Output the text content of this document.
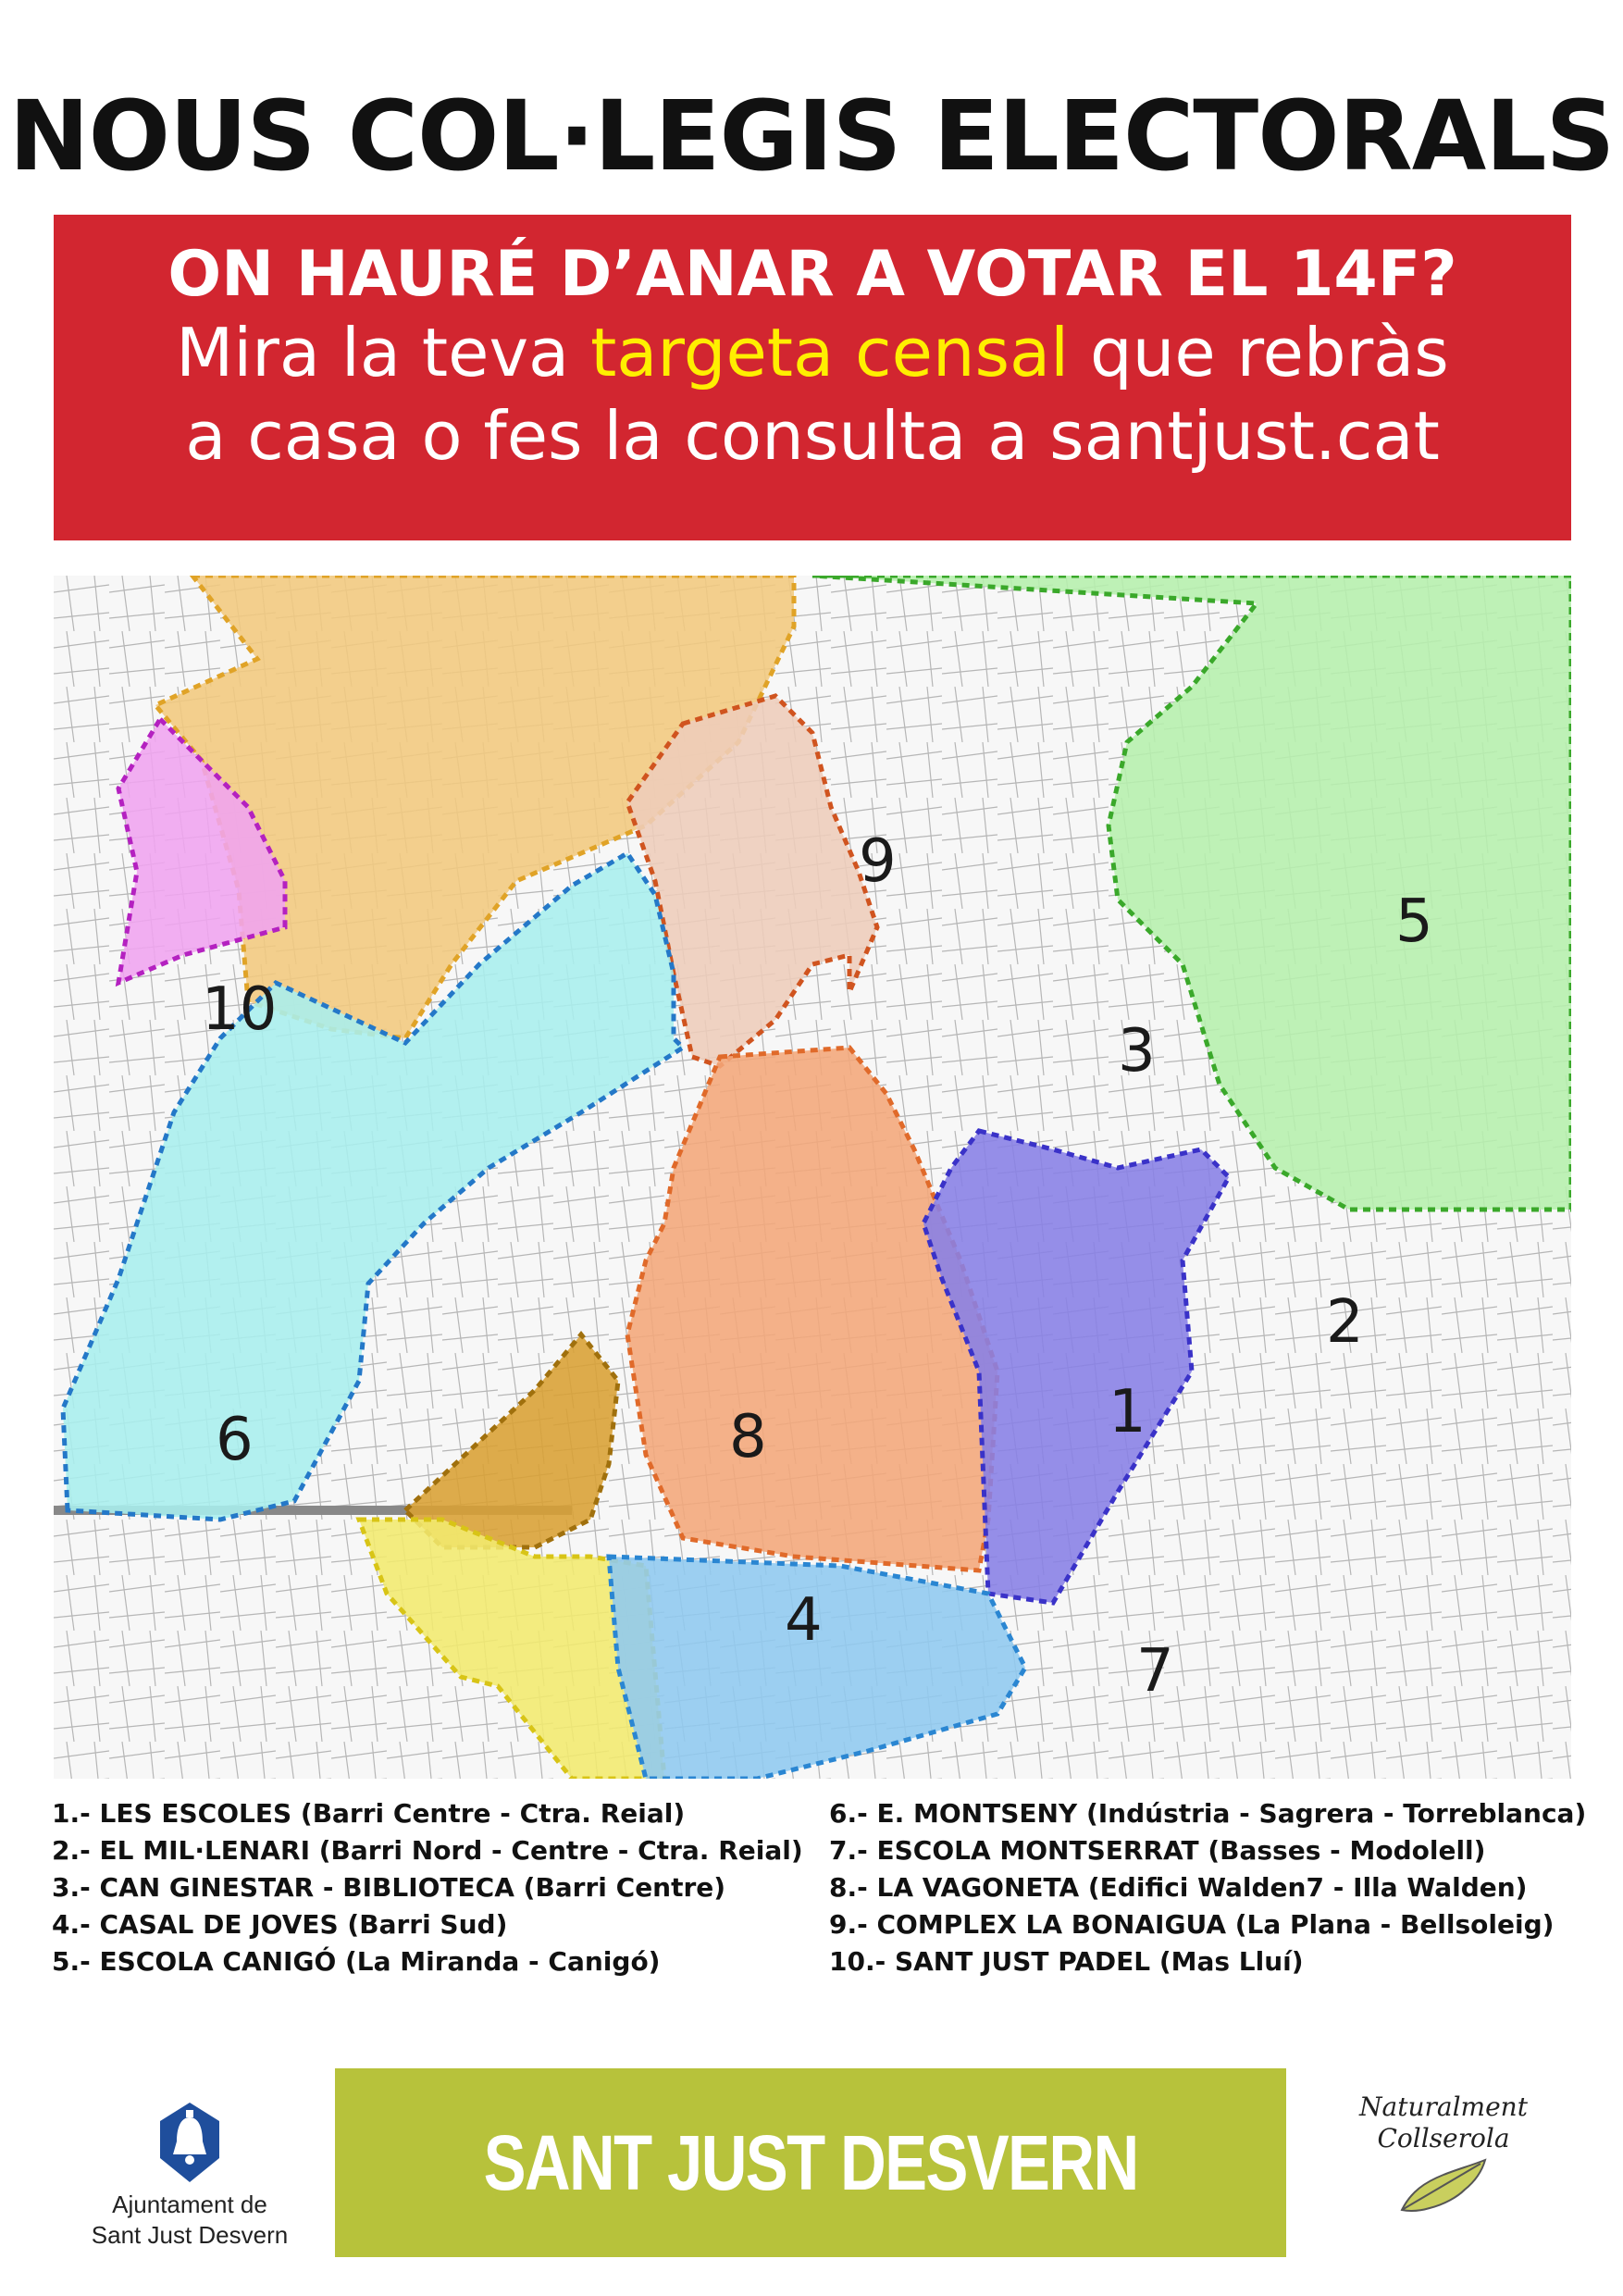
NOUS COL·LEGIS ELECTORALS
ON HAURÉ D’ANAR A VOTAR EL 14F?
Mira la teva targeta censal que rebràs
a casa o fes la consulta a santjust.cat
9
5
10
3
2
1
6	8
4
7
1.- LES ESCOLES (Barri Centre - Ctra. Reial)
2.- EL MIL·LENARI (Barri Nord - Centre - Ctra. Reial)
3.- CAN GINESTAR - BIBLIOTECA (Barri Centre)
4.- CASAL DE JOVES (Barri Sud)
5.- ESCOLA CANIGÓ (La Miranda - Canigó)
6.- E. MONTSENY (Indústria - Sagrera - Torreblanca)
7.- ESCOLA MONTSERRAT (Basses - Modolell)
8.- LA VAGONETA (Edifici Walden7 - Illa Walden)
9.- COMPLEX LA BONAIGUA (La Plana - Bellsoleig)
10.- SANT JUST PADEL (Mas Lluí)
Ajuntament de
Sant Just Desvern
SANT JUST DESVERN
Naturalment
Collserola
